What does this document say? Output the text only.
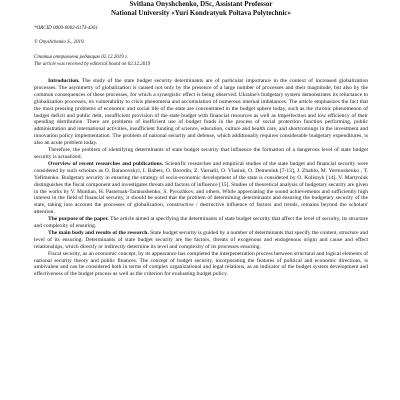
Svitlana Onyshchenko, DSc, Assistant Professor
National University «Yuri Kondratyuk Poltava Polytechnic»
*ORCID 0000-0002-6173-4361
© Onyshchenko S., 2019.
Статья отправлена редакцию 02.12.2019 г.
The article was received by editorial board on 02.12.2019

Introduction. The study of the state budget security determinants are of particular importance in the context of increased globalization processes. The asymmetry of globalization is caused not only by the presence of a large number of processes and their magnitude, but also by the common consequences of these processes, for which a synergistic effect is being observed. Ukraine's budgetary system demonstrates its reluctance to globalization processes, its vulnerability to crisis phenomena and accumulation of numerous internal imbalances. The article emphasizes the fact that the most pressing problems of economic and social life of the state are concentrated in the budget sphere today, such as the chronic phenomenon of budget deficit and public debt, insufficient provision of the state budget with financial resources as well as imperfection and low efficiency of their spending distribution. There are problems of inefficient use of budget funds in the process of social protection function performing, public administration and international activities, insufficient funding of science, education, culture and health care, and shortcomings in the investment and innovation policy implementation. The problem of national security and defense, which additionally requires considerable budgetary expenditures, is also an acute problem today.

Therefore, the problem of identifying determinants of state budget security that influence the formation of a dangerous level of state budget security is actualized.

Overview of recent researches and publications. Scientific researches and empirical studies of the state budget and financial security were considered by such scholars as O. Baranovskyi, I. Babets, O. Borodin, Z. Varnalii, O. Vlasiuk, O. Demeniuk [7-13], J. Zhablo, M. Yermoshenko , T. Yefimenko. Budgetary security in ensuring the strategy of socio-economic development of the state is considered by O. Kolisnyk [14]. V. Martyniuk distinguishes the fiscal component and investigates threats and factors of influence [15]. Studies of theoretical analysis of budgetary security are given in the works by V. Muntian, H. Pasternak-Taranushenko, S. Pyrozhkov, and others. While appreciating the sound achievements and sufficiently high interest in the field of financial security, it should be noted that the problem of determining determinants and ensuring the budgetary security of the state, taking into account the processes of globalization, constructive / destructive influence of factors and trends, remains beyond the scholars' attention.

The purpose of the paper. The article aimed at specifying the determinants of state budget security that affect the level of security, its structure and complexity of ensuring.

The main body and results of the research. State budget security is guided by a number of determinants that specify the content, structure and level of its ensuring. Determinants of state budget security are the factors, threats of exogenous and endogenous origin and cause and effect relationships, which directly or indirectly determine its level and complexity of its processes ensuring.

Fiscal security, as an economic concept, by its appearance has completed the interpenetration process between structural and logical elements of national security theory and public finances. The concept of budget security, incorporating the features of political and economic directions, is ambivalent and can be considered both in terms of complex organizational and legal relations, as an indicator of the budget system development and effectiveness of the budget process as well as the criterion for evaluating budget policy.
